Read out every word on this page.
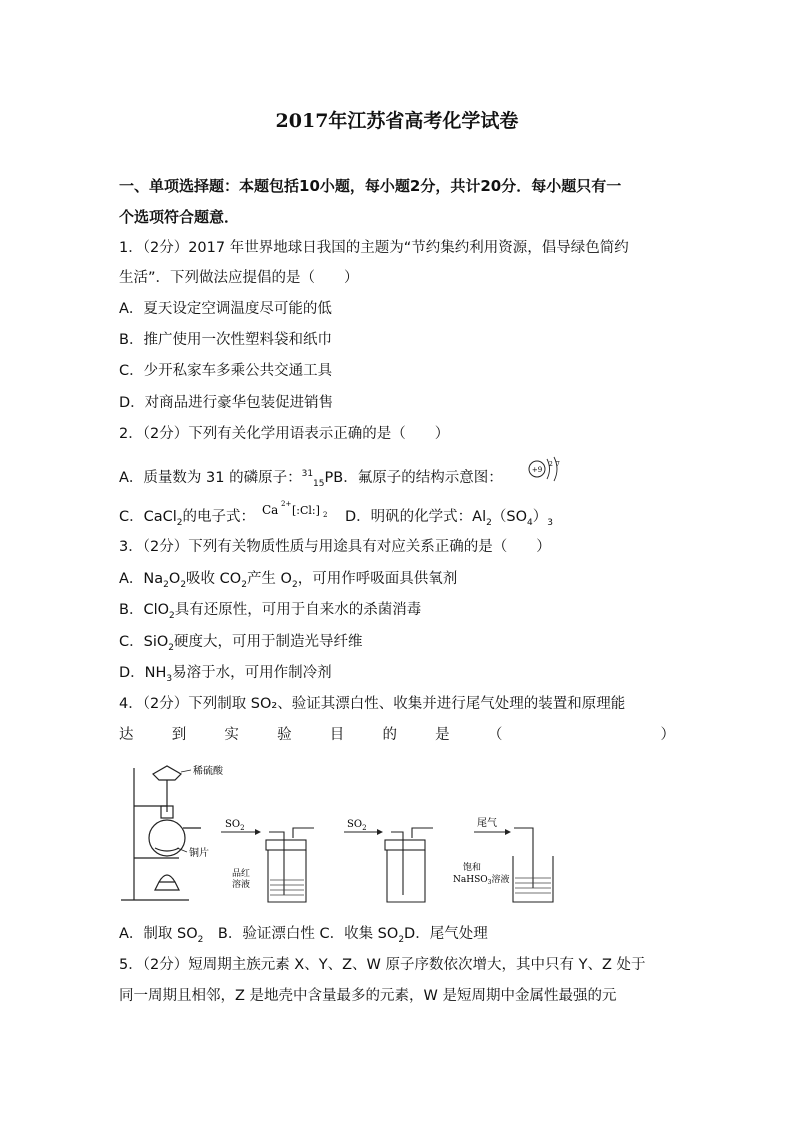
2017年江苏省高考化学试卷
一、单项选择题：本题包括10小题，每小题2分，共计20分．每小题只有一
个选项符合题意．
1．（2分）2017 年世界地球日我国的主题为“节约集约利用资源，倡导绿色简约
生活”．下列做法应提倡的是（　　）
A．夏天设定空调温度尽可能的低
B．推广使用一次性塑料袋和纸巾
C．少开私家车多乘公共交通工具
D．对商品进行豪华包装促进销售
2．（2分）下列有关化学用语表示正确的是（　　）
A．质量数为 31 的磷原子：$^{31}_{15}$PB．氟原子的结构示意图：	+9
2 7
C．CaCl$_2$的电子式： Ca 2+ [:Cl:] 2 D．明矾的化学式：$Al_2(SO_4)_3$
3．（2分）下列有关物质性质与用途具有对应关系正确的是（　　）
A．$Na_2O_2$吸收 $CO_2$产生 $O_2$，可用作呼吸面具供氧剂
B．ClO$_2$具有还原性，可用于自来水的杀菌消毒
C．SiO$_2$硬度大，可用于制造光导纤维
D．$NH_3$易溶于水，可用作制冷剂
4．（2分）下列制取 SO₂、验证其漂白性、收集并进行尾气处理的装置和原理能
达	到	实	验	目	的	是	（	）
稀硫酸
铜片
$SO_2$
品红
溶液
$SO_2$	尾气
饱和
NaHSO$_3$溶液
A．制取 $SO_2$　B．验证漂白性 C．收集 $SO_2D$．尾气处理
5．（2分）短周期主族元素 X、Y、Z、W 原子序数依次增大，其中只有 Y、Z 处于
同一周期且相邻，Z 是地壳中含量最多的元素，W 是短周期中金属性最强的元
